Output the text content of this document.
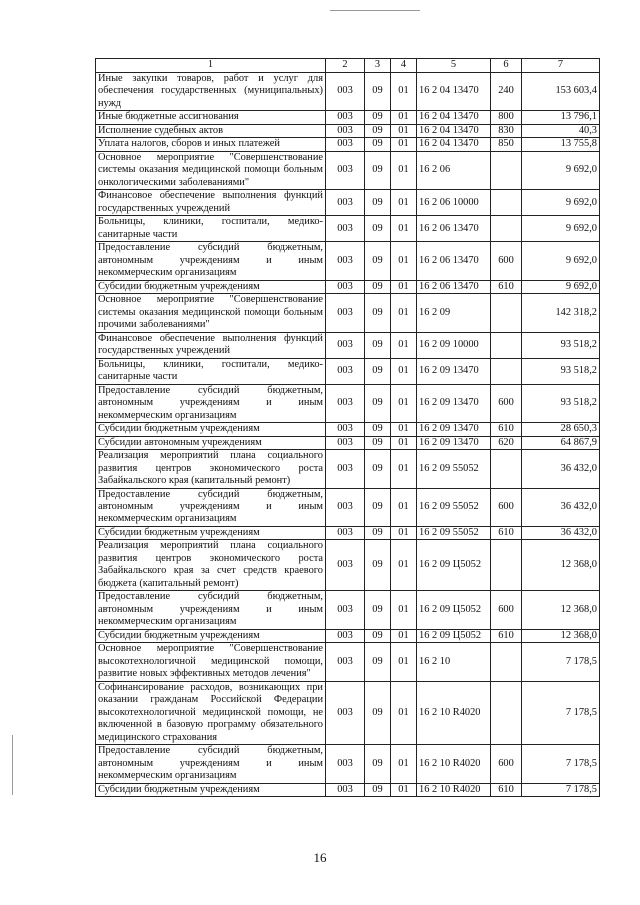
1	2	3	4	5	6	7
Иные закупки товаров, работ и услуг для обеспечения государственных (муниципальных) нужд	003	09	01	16 2 04 13470	240	153 603,4
Иные бюджетные ассигнования	003	09	01	16 2 04 13470	800	13 796,1
Исполнение судебных актов	003	09	01	16 2 04 13470	830	40,3
Уплата налогов, сборов и иных платежей	003	09	01	16 2 04 13470	850	13 755,8
Основное мероприятие "Совершенствование системы оказания медицинской помощи больным онкологическими заболеваниями"	003	09	01	16 2 06		9 692,0
Финансовое обеспечение выполнения функций государственных учреждений	003	09	01	16 2 06 10000		9 692,0
Больницы, клиники, госпитали, медико-санитарные части	003	09	01	16 2 06 13470		9 692,0
Предоставление субсидий бюджетным, автономным учреждениям и иным некоммерческим организациям	003	09	01	16 2 06 13470	600	9 692,0
Субсидии бюджетным учреждениям	003	09	01	16 2 06 13470	610	9 692,0
Основное мероприятие "Совершенствование системы оказания медицинской помощи больным прочими заболеваниями"	003	09	01	16 2 09		142 318,2
Финансовое обеспечение выполнения функций государственных учреждений	003	09	01	16 2 09 10000		93 518,2
Больницы, клиники, госпитали, медико-санитарные части	003	09	01	16 2 09 13470		93 518,2
Предоставление субсидий бюджетным, автономным учреждениям и иным некоммерческим организациям	003	09	01	16 2 09 13470	600	93 518,2
Субсидии бюджетным учреждениям	003	09	01	16 2 09 13470	610	28 650,3
Субсидии автономным учреждениям	003	09	01	16 2 09 13470	620	64 867,9
Реализация мероприятий плана социального развития центров экономического роста Забайкальского края (капитальный ремонт)	003	09	01	16 2 09 55052		36 432,0
Предоставление субсидий бюджетным, автономным учреждениям и иным некоммерческим организациям	003	09	01	16 2 09 55052	600	36 432,0
Субсидии бюджетным учреждениям	003	09	01	16 2 09 55052	610	36 432,0
Реализация мероприятий плана социального развития центров экономического роста Забайкальского края за счет средств краевого бюджета (капитальный ремонт)	003	09	01	16 2 09 Ц5052		12 368,0
Предоставление субсидий бюджетным, автономным учреждениям и иным некоммерческим организациям	003	09	01	16 2 09 Ц5052	600	12 368,0
Субсидии бюджетным учреждениям	003	09	01	16 2 09 Ц5052	610	12 368,0
Основное мероприятие "Совершенствование высокотехнологичной медицинской помощи, развитие новых эффективных методов лечения"	003	09	01	16 2 10		7 178,5
Софинансирование расходов, возникающих при оказании гражданам Российской Федерации высокотехнологичной медицинской помощи, не включенной в базовую программу обязательного медицинского страхования	003	09	01	16 2 10 R4020		7 178,5
Предоставление субсидий бюджетным, автономным учреждениям и иным некоммерческим организациям	003	09	01	16 2 10 R4020	600	7 178,5
Субсидии бюджетным учреждениям	003	09	01	16 2 10 R4020	610	7 178,5
16
